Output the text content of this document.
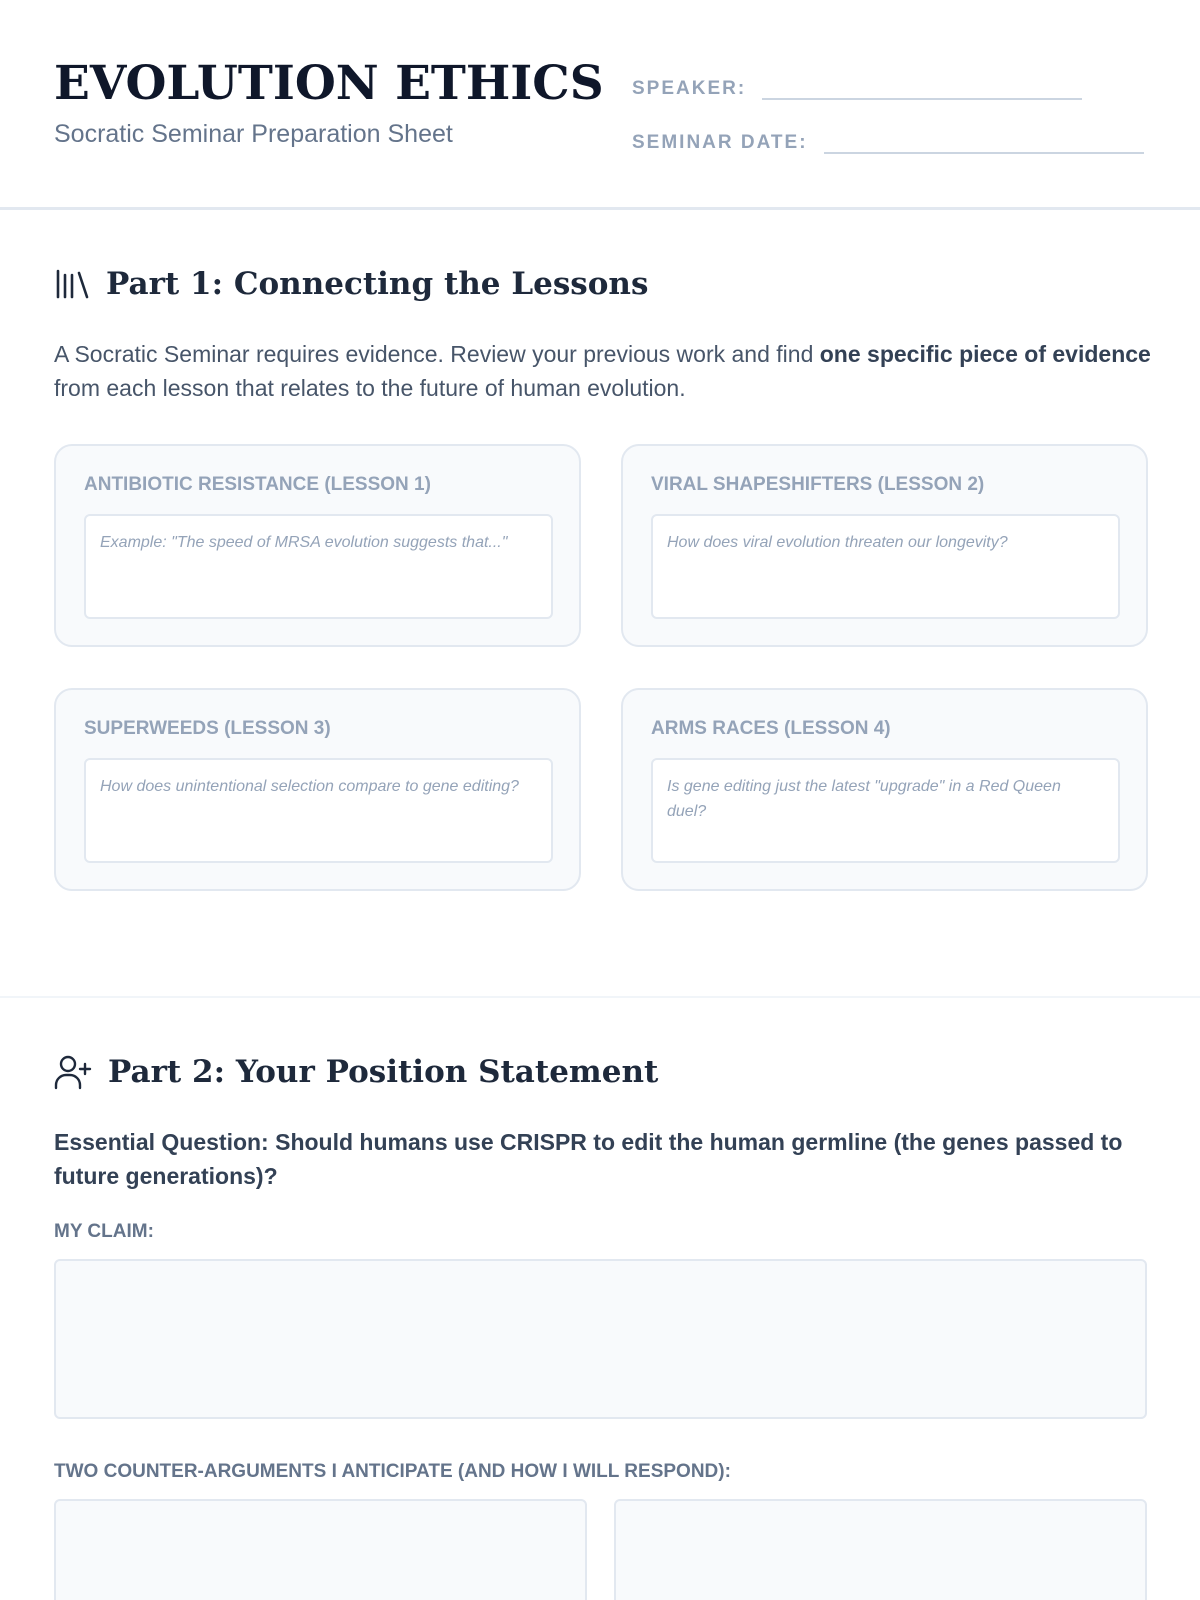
EVOLUTION ETHICS
Socratic Seminar Preparation Sheet
SPEAKER:
SEMINAR DATE:
Part 1: Connecting the Lessons

A Socratic Seminar requires evidence. Review your previous work and find one specific piece of evidence from each lesson that relates to the future of human evolution.

ANTIBIOTIC RESISTANCE (LESSON 1)
Example: "The speed of MRSA evolution suggests that..."
VIRAL SHAPESHIFTERS (LESSON 2)
How does viral evolution threaten our longevity?
SUPERWEEDS (LESSON 3)
How does unintentional selection compare to gene editing?
ARMS RACES (LESSON 4)
Is gene editing just the latest "upgrade" in a Red Queen duel?
Part 2: Your Position Statement

Essential Question: Should humans use CRISPR to edit the human germline (the genes passed to future generations)?

MY CLAIM:
TWO COUNTER-ARGUMENTS I ANTICIPATE (AND HOW I WILL RESPOND):
